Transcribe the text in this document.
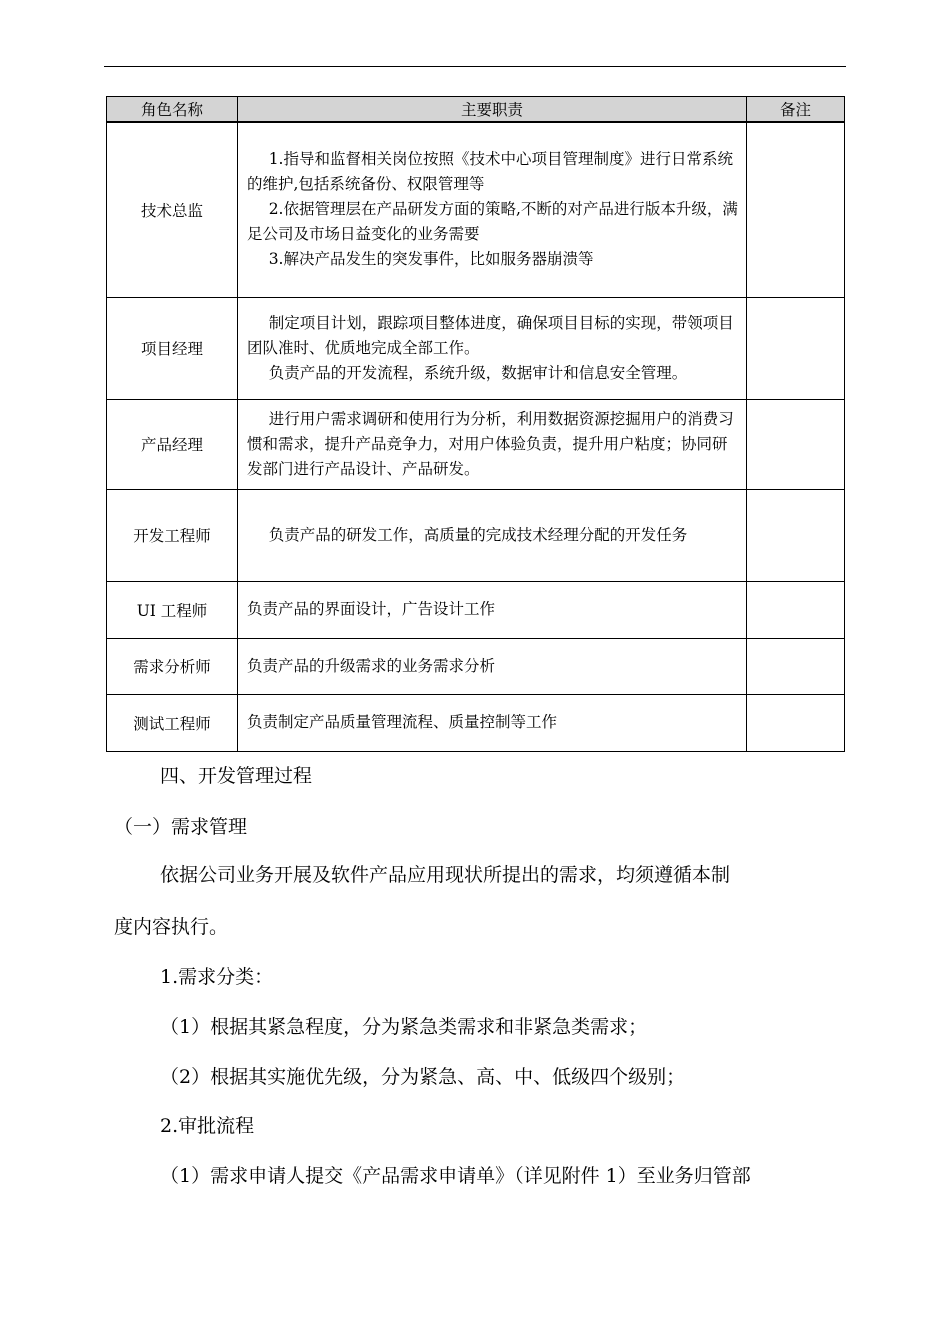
角色名称	主要职责	备注
技术总监	1.指导和监督相关岗位按照《技术中心项目管理制度》进行日常系统的维护,包括系统备份、权限管理等

2.依据管理层在产品研发方面的策略,不断的对产品进行版本升级，满足公司及市场日益变化的业务需要

3.解决产品发生的突发事件，比如服务器崩溃等	

项目经理	制定项目计划，跟踪项目整体进度，确保项目目标的实现，带领项目团队准时、优质地完成全部工作。

负责产品的开发流程，系统升级，数据审计和信息安全管理。	

产品经理	进行用户需求调研和使用行为分析，利用数据资源挖掘用户的消费习惯和需求，提升产品竞争力，对用户体验负责，提升用户粘度；协同研发部门进行产品设计、产品研发。	

开发工程师	负责产品的研发工作，高质量的完成技术经理分配的开发任务	

UI 工程师	负责产品的界面设计，广告设计工作	

需求分析师	负责产品的升级需求的业务需求分析	

测试工程师	负责制定产品质量管理流程、质量控制等工作	

四、开发管理过程
（一）需求管理
依据公司业务开展及软件产品应用现状所提出的需求，均须遵循本制
度内容执行。
1.需求分类：
（1）根据其紧急程度，分为紧急类需求和非紧急类需求；
（2）根据其实施优先级，分为紧急、高、中、低级四个级别；
2.审批流程
（1）需求申请人提交《产品需求申请单》（详见附件 1）至业务归管部
